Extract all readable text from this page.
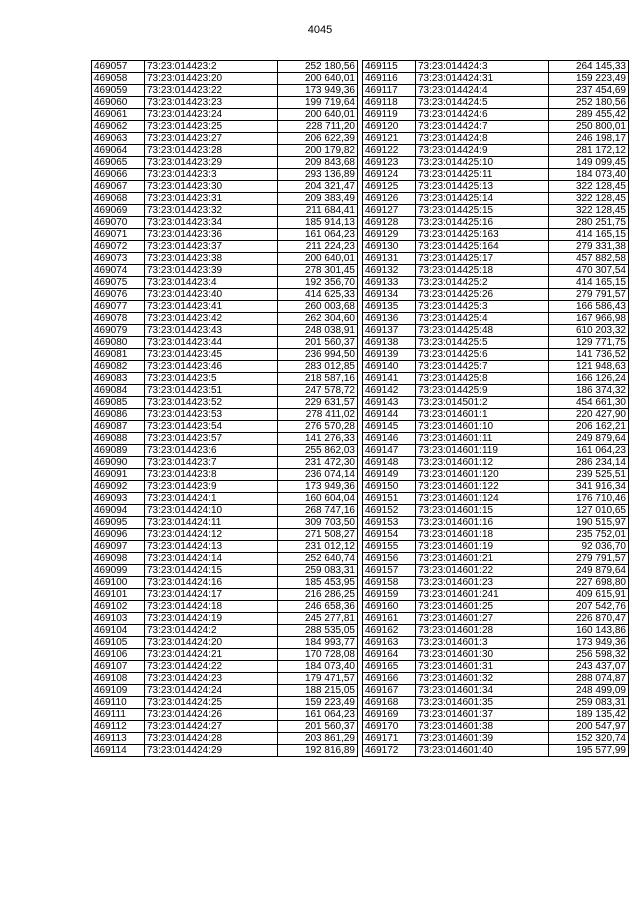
4045
469057	73:23:014423:2	252 180,56
469058	73:23:014423:20	200 640,01
469059	73:23:014423:22	173 949,36
469060	73:23:014423:23	199 719,64
469061	73:23:014423:24	200 640,01
469062	73:23:014423:25	228 711,20
469063	73:23:014423:27	206 622,39
469064	73:23:014423:28	200 179,82
469065	73:23:014423:29	209 843,68
469066	73:23:014423:3	293 136,89
469067	73:23:014423:30	204 321,47
469068	73:23:014423:31	209 383,49
469069	73:23:014423:32	211 684,41
469070	73:23:014423:34	185 914,13
469071	73:23:014423:36	161 064,23
469072	73:23:014423:37	211 224,23
469073	73:23:014423:38	200 640,01
469074	73:23:014423:39	278 301,45
469075	73:23:014423:4	192 356,70
469076	73:23:014423:40	414 625,33
469077	73:23:014423:41	260 003,68
469078	73:23:014423:42	262 304,60
469079	73:23:014423:43	248 038,91
469080	73:23:014423:44	201 560,37
469081	73:23:014423:45	236 994,50
469082	73:23:014423:46	283 012,85
469083	73:23:014423:5	218 587,16
469084	73:23:014423:51	247 578,72
469085	73:23:014423:52	229 631,57
469086	73:23:014423:53	278 411,02
469087	73:23:014423:54	276 570,28
469088	73:23:014423:57	141 276,33
469089	73:23:014423:6	255 862,03
469090	73:23:014423:7	231 472,30
469091	73:23:014423:8	236 074,14
469092	73:23:014423:9	173 949,36
469093	73:23:014424:1	160 604,04
469094	73:23:014424:10	268 747,16
469095	73:23:014424:11	309 703,50
469096	73:23:014424:12	271 508,27
469097	73:23:014424:13	231 012,12
469098	73:23:014424:14	252 640,74
469099	73:23:014424:15	259 083,31
469100	73:23:014424:16	185 453,95
469101	73:23:014424:17	216 286,25
469102	73:23:014424:18	246 658,36
469103	73:23:014424:19	245 277,81
469104	73:23:014424:2	288 535,05
469105	73:23:014424:20	184 993,77
469106	73:23:014424:21	170 728,08
469107	73:23:014424:22	184 073,40
469108	73:23:014424:23	179 471,57
469109	73:23:014424:24	188 215,05
469110	73:23:014424:25	159 223,49
469111	73:23:014424:26	161 064,23
469112	73:23:014424:27	201 560,37
469113	73:23:014424:28	203 861,29
469114	73:23:014424:29	192 816,89
469115	73:23:014424:3	264 145,33
469116	73:23:014424:31	159 223,49
469117	73:23:014424:4	237 454,69
469118	73:23:014424:5	252 180,56
469119	73:23:014424:6	289 455,42
469120	73:23:014424:7	250 800,01
469121	73:23:014424:8	246 198,17
469122	73:23:014424:9	281 172,12
469123	73:23:014425:10	149 099,45
469124	73:23:014425:11	184 073,40
469125	73:23:014425:13	322 128,45
469126	73:23:014425:14	322 128,45
469127	73:23:014425:15	322 128,45
469128	73:23:014425:16	280 251,75
469129	73:23:014425:163	414 165,15
469130	73:23:014425:164	279 331,38
469131	73:23:014425:17	457 882,58
469132	73:23:014425:18	470 307,54
469133	73:23:014425:2	414 165,15
469134	73:23:014425:26	279 791,57
469135	73:23:014425:3	166 586,43
469136	73:23:014425:4	167 966,98
469137	73:23:014425:48	610 203,32
469138	73:23:014425:5	129 771,75
469139	73:23:014425:6	141 736,52
469140	73:23:014425:7	121 948,63
469141	73:23:014425:8	166 126,24
469142	73:23:014425:9	186 374,32
469143	73:23:014501:2	454 661,30
469144	73:23:014601:1	220 427,90
469145	73:23:014601:10	206 162,21
469146	73:23:014601:11	249 879,64
469147	73:23:014601:119	161 064,23
469148	73:23:014601:12	286 234,14
469149	73:23:014601:120	239 525,51
469150	73:23:014601:122	341 916,34
469151	73:23:014601:124	176 710,46
469152	73:23:014601:15	127 010,65
469153	73:23:014601:16	190 515,97
469154	73:23:014601:18	235 752,01
469155	73:23:014601:19	92 036,70
469156	73:23:014601:21	279 791,57
469157	73:23:014601:22	249 879,64
469158	73:23:014601:23	227 698,80
469159	73:23:014601:241	409 615,91
469160	73:23:014601:25	207 542,76
469161	73:23:014601:27	226 870,47
469162	73:23:014601:28	160 143,86
469163	73:23:014601:3	173 949,36
469164	73:23:014601:30	256 598,32
469165	73:23:014601:31	243 437,07
469166	73:23:014601:32	288 074,87
469167	73:23:014601:34	248 499,09
469168	73:23:014601:35	259 083,31
469169	73:23:014601:37	189 135,42
469170	73:23:014601:38	200 547,97
469171	73:23:014601:39	152 320,74
469172	73:23:014601:40	195 577,99
